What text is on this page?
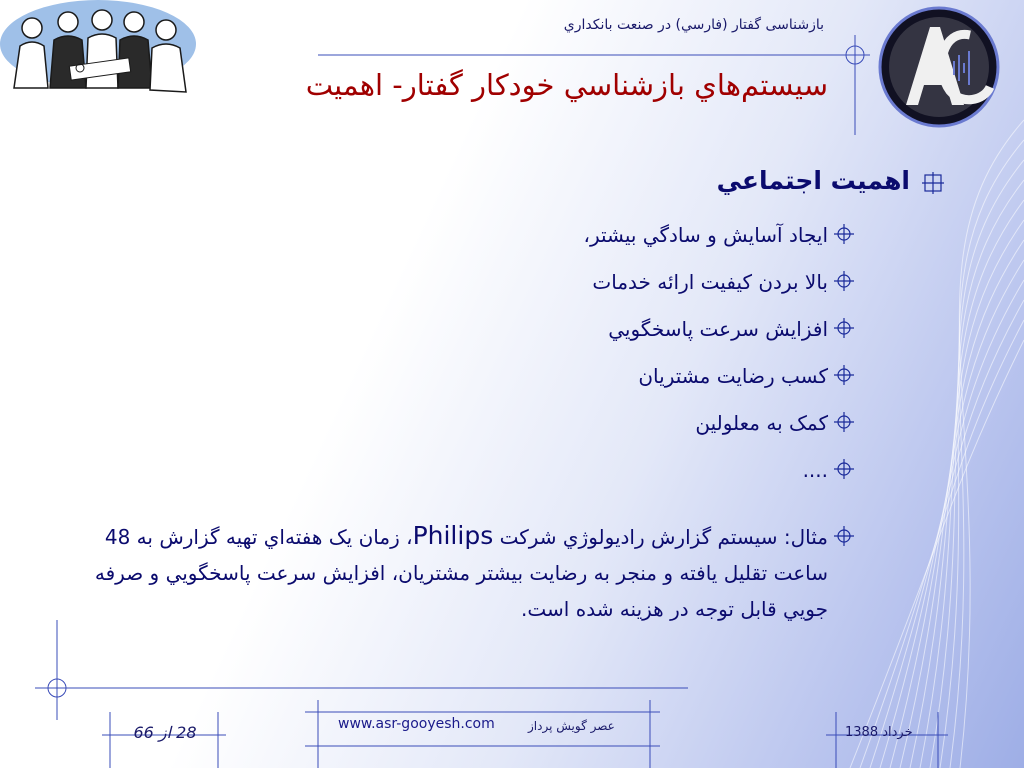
بازشناسی گفتار (فارسي) در صنعت بانکداري
سيستم‌هاي بازشناسي خودکار گفتار- اهميت
اهميت اجتماعي
ايجاد آسايش و سادگي بيشتر،
بالا بردن کيفيت ارائه خدمات
افزايش سرعت پاسخگويي
کسب رضايت مشتريان
کمک به معلولين
....
مثال: سيستم گزارش راديولوژي شرکت Philips، زمان يک هفته‌اي تهيه گزارش به 48 ساعت تقليل يافته و منجر به رضايت بيشتر مشتريان، افزايش سرعت پاسخگويي و صرفه جويي قابل توجه در هزينه شده است.
28 از 66	www.asr-gooyesh.com	عصر گويش پرداز	خرداد 1388
